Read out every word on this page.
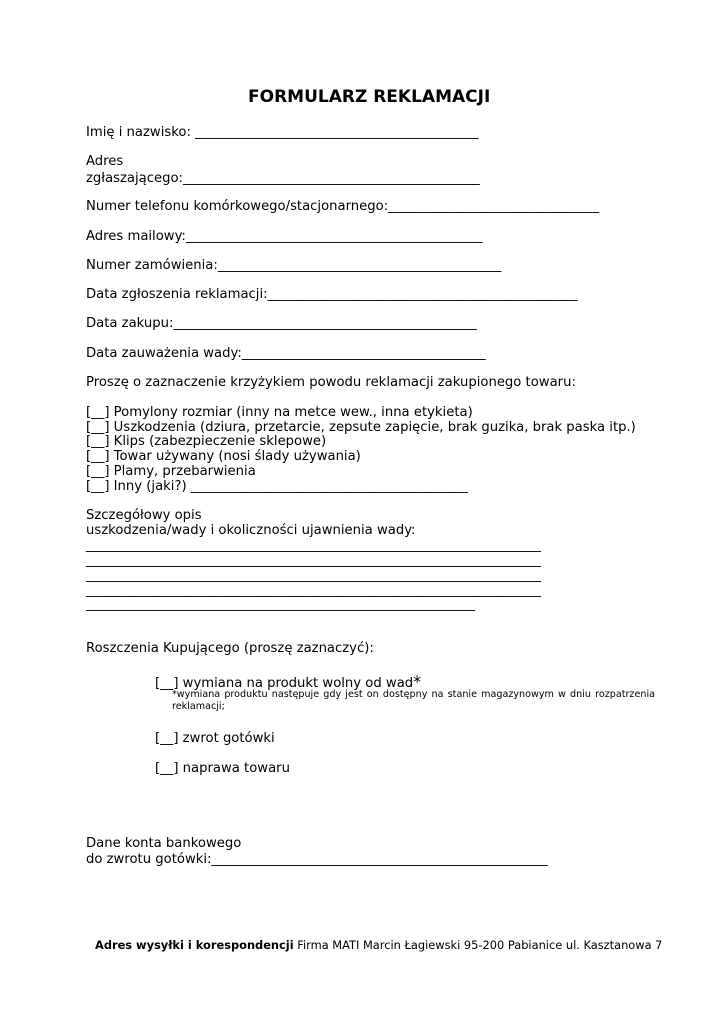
FORMULARZ REKLAMACJI
Imię i nazwisko: ___________________________________________
Adres
zgłaszającego:_____________________________________________
Numer telefonu komórkowego/stacjonarnego:________________________________
Adres mailowy:_____________________________________________
Numer zamówienia:___________________________________________
Data zgłoszenia reklamacji:_______________________________________________
Data zakupu:______________________________________________
Data zauważenia wady:_____________________________________
Proszę o zaznaczenie krzyżykiem powodu reklamacji zakupionego towaru:
[__] Pomylony rozmiar (inny na metce wew., inna etykieta)
[__] Uszkodzenia (dziura, przetarcie, zepsute zapięcie, brak guzika, brak paska itp.)
[__] Klips (zabezpieczenie sklepowe)
[__] Towar używany (nosi ślady używania)
[__] Plamy, przebarwienia
[__] Inny (jaki?) __________________________________________
Szczegółowy opis
uszkodzenia/wady i okoliczności ujawnienia wady:
_____________________________________________________________________
_____________________________________________________________________
_____________________________________________________________________
_____________________________________________________________________
___________________________________________________________
Roszczenia Kupującego (proszę zaznaczyć):
[__] wymiana na produkt wolny od wad*
*wymiana produktu następuje gdy jest on dostępny na stanie magazynowym w dniu rozpatrzenia reklamacji;
[__] zwrot gotówki
[__] naprawa towaru
Dane konta bankowego
do zwrotu gotówki:___________________________________________________
Adres wysyłki i korespondencji Firma MATI Marcin Łagiewski 95-200 Pabianice ul. Kasztanowa 7
